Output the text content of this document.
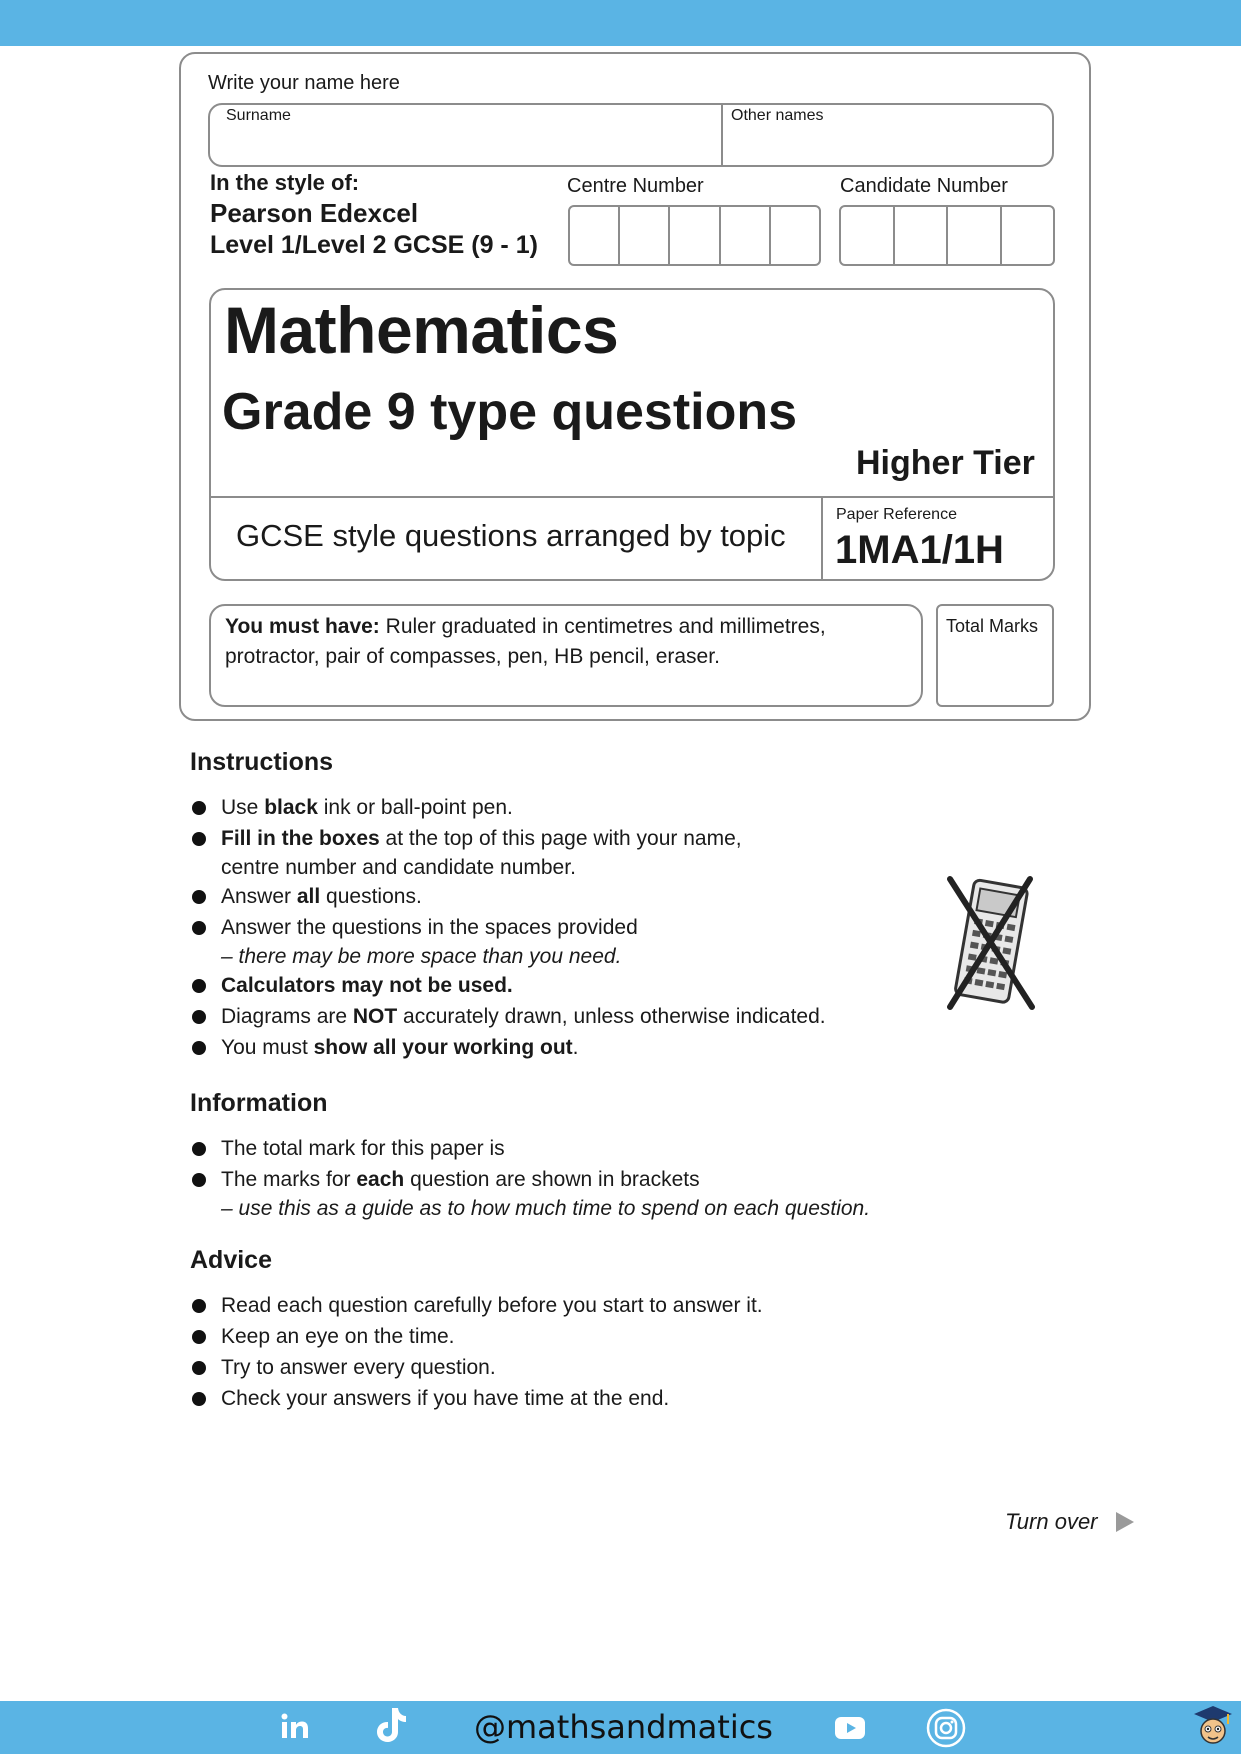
Write your name here
Surname	Other names
In the style of:
Pearson Edexcel
Level 1/Level 2 GCSE (9 - 1)
Centre Number	Candidate Number
Mathematics
Grade 9 type questions
Higher Tier
GCSE style questions arranged by topic
Paper Reference
1MA1/1H
You must have: Ruler graduated in centimetres and millimetres, protractor, pair of compasses, pen, HB pencil, eraser.
Total Marks
Instructions
Use black ink or ball-point pen.
Fill in the boxes at the top of this page with your name,
centre number and candidate number.
Answer all questions.
Answer the questions in the spaces provided
– there may be more space than you need.
Calculators may not be used.
Diagrams are NOT accurately drawn, unless otherwise indicated.
You must show all your working out.
Information
The total mark for this paper is
The marks for each question are shown in brackets
– use this as a guide as to how much time to spend on each question.
Advice
Read each question carefully before you start to answer it.
Keep an eye on the time.
Try to answer every question.
Check your answers if you have time at the end.
Turn over
@mathsandmatics
